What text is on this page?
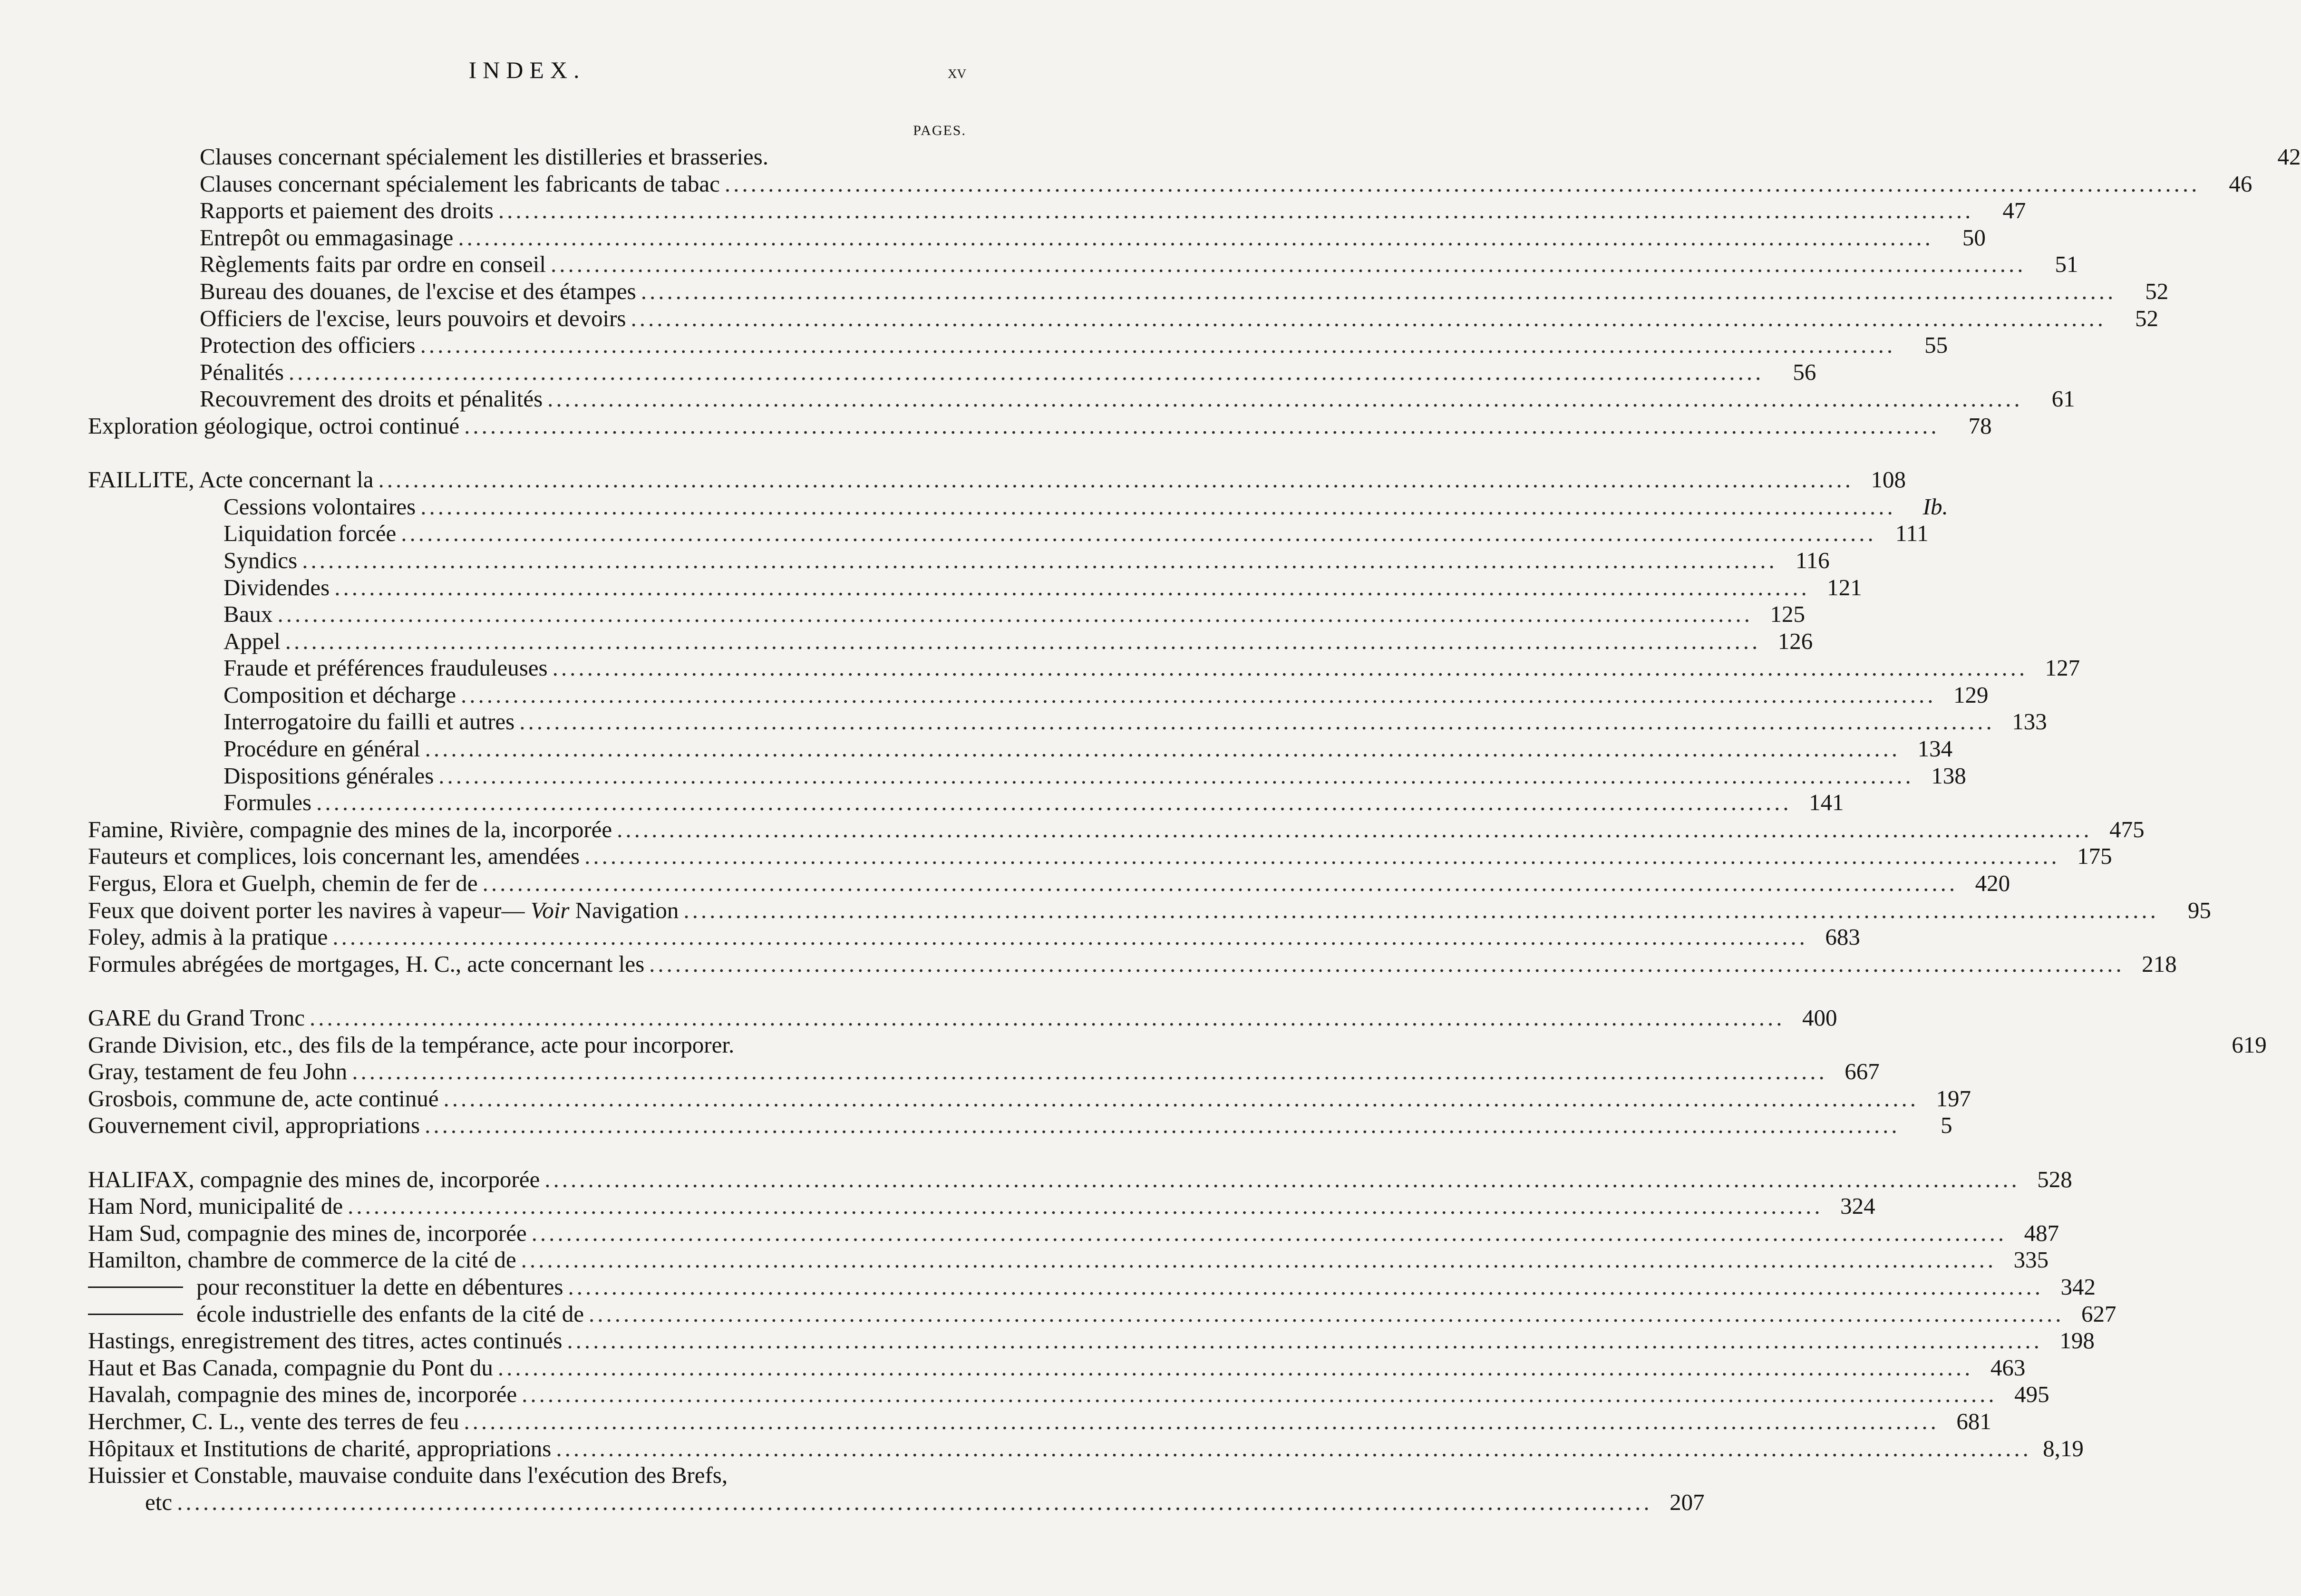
INDEX.	xv
PAGES.
Clauses concernant spécialement les distilleries et brasseries.	42
Clauses concernant spécialement les fabricants de tabac .....	46
Rapports et paiement des droits .....	47
Entrepôt ou emmagasinage .....	50
Règlements faits par ordre en conseil .....	51
Bureau des douanes, de l'excise et des étampes .....	52
Officiers de l'excise, leurs pouvoirs et devoirs .....	52
Protection des officiers .....	55
Pénalités .....	56
Recouvrement des droits et pénalités .....	61
Exploration géologique, octroi continué .....	78
FAILLITE, Acte concernant la .....	108
Cessions volontaires .....	Ib.
Liquidation forcée .....	111
Syndics .....	116
Dividendes .....	121
Baux .....	125
Appel .....	126
Fraude et préférences frauduleuses .....	127
Composition et décharge .....	129
Interrogatoire du failli et autres .....	133
Procédure en général .....	134
Dispositions générales .....	138
Formules .....	141
Famine, Rivière, compagnie des mines de la, incorporée .....	475
Fauteurs et complices, lois concernant les, amendées .....	175
Fergus, Elora et Guelph, chemin de fer de .....	420
Feux que doivent porter les navires à vapeur— Voir Navigation .....	95
Foley, admis à la pratique .....	683
Formules abrégées de mortgages, H. C., acte concernant les .....	218
GARE du Grand Tronc .....	400
Grande Division, etc., des fils de la tempérance, acte pour incorporer.	619
Gray, testament de feu John .....	667
Grosbois, commune de, acte continué .....	197
Gouvernement civil, appropriations .....	5
HALIFAX, compagnie des mines de, incorporée .....	528
Ham Nord, municipalité de .....	324
Ham Sud, compagnie des mines de, incorporée .....	487
Hamilton, chambre de commerce de la cité de .....	335
pour reconstituer la dette en débentures .....	342
école industrielle des enfants de la cité de .....	627
Hastings, enregistrement des titres, actes continués .....	198
Haut et Bas Canada, compagnie du Pont du .....	463
Havalah, compagnie des mines de, incorporée .....	495
Herchmer, C. L., vente des terres de feu .....	681
Hôpitaux et Institutions de charité, appropriations .....	8,19
Huissier et Constable, mauvaise conduite dans l'exécution des Brefs,
etc .....	207
